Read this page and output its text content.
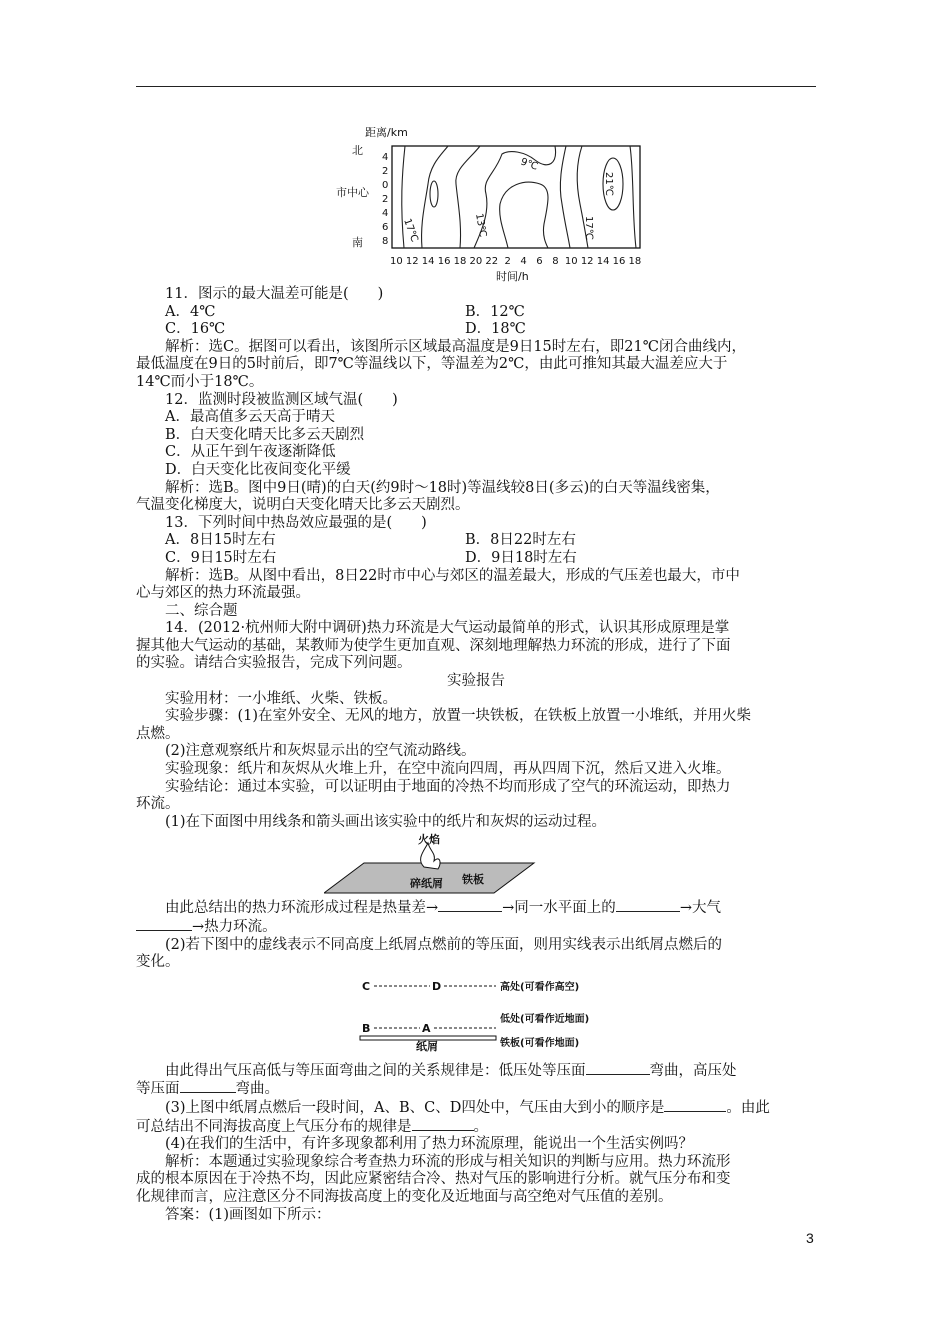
距离/km
北
市中心
南
4
2
0
2
4
6
8
10 12 14 16 18 20 22  2   4   6   8  10 12 14 16 18
时间/h
9℃
21℃
17℃	13℃	17℃
11．图示的最大温差可能是(　　)
A．4℃	B．12℃
C．16℃	D．18℃
解析：选C。据图可以看出，该图所示区域最高温度是9日15时左右，即21℃闭合曲线内，
最低温度在9日的5时前后，即7℃等温线以下，等温差为2℃，由此可推知其最大温差应大于
14℃而小于18℃。
12．监测时段被监测区域气温(　　)
A．最高值多云天高于晴天
B．白天变化晴天比多云天剧烈
C．从正午到午夜逐渐降低
D．白天变化比夜间变化平缓
解析：选B。图中9日(晴)的白天(约9时～18时)等温线较8日(多云)的白天等温线密集，
气温变化梯度大，说明白天变化晴天比多云天剧烈。
13．下列时间中热岛效应最强的是(　　)
A．8日15时左右	B．8日22时左右
C．9日15时左右	D．9日18时左右
解析：选B。从图中看出，8日22时市中心与郊区的温差最大，形成的气压差也最大，市中
心与郊区的热力环流最强。
二、综合题
14．(2012·杭州师大附中调研)热力环流是大气运动最简单的形式，认识其形成原理是掌
握其他大气运动的基础，某教师为使学生更加直观、深刻地理解热力环流的形成，进行了下面
的实验。请结合实验报告，完成下列问题。
实验报告
实验用材：一小堆纸、火柴、铁板。
实验步骤：(1)在室外安全、无风的地方，放置一块铁板，在铁板上放置一小堆纸，并用火柴
点燃。
(2)注意观察纸片和灰烬显示出的空气流动路线。
实验现象：纸片和灰烬从火堆上升，在空中流向四周，再从四周下沉，然后又进入火堆。
实验结论：通过本实验，可以证明由于地面的冷热不均而形成了空气的环流运动，即热力
环流。
(1)在下面图中用线条和箭头画出该实验中的纸片和灰烬的运动过程。
火焰
碎纸屑 铁板
由此总结出的热力环流形成过程是热量差→	→同一水平面上的	→大气
→热力环流。
(2)若下图中的虚线表示不同高度上纸屑点燃前的等压面，则用实线表示出纸屑点燃后的
变化。
C	D	高处(可看作高空)
B	A
低处(可看作近地面)
纸屑	铁板(可看作地面)
由此得出气压高低与等压面弯曲之间的关系规律是：低压处等压面	弯曲，高压处
等压面	弯曲。
(3)上图中纸屑点燃后一段时间，A、B、C、D四处中，气压由大到小的顺序是	。由此
可总结出不同海拔高度上气压分布的规律是	。
(4)在我们的生活中，有许多现象都利用了热力环流原理，能说出一个生活实例吗？
解析：本题通过实验现象综合考查热力环流的形成与相关知识的判断与应用。热力环流形
成的根本原因在于冷热不均，因此应紧密结合冷、热对气压的影响进行分析。就气压分布和变
化规律而言，应注意区分不同海拔高度上的变化及近地面与高空绝对气压值的差别。
答案：(1)画图如下所示：
3
